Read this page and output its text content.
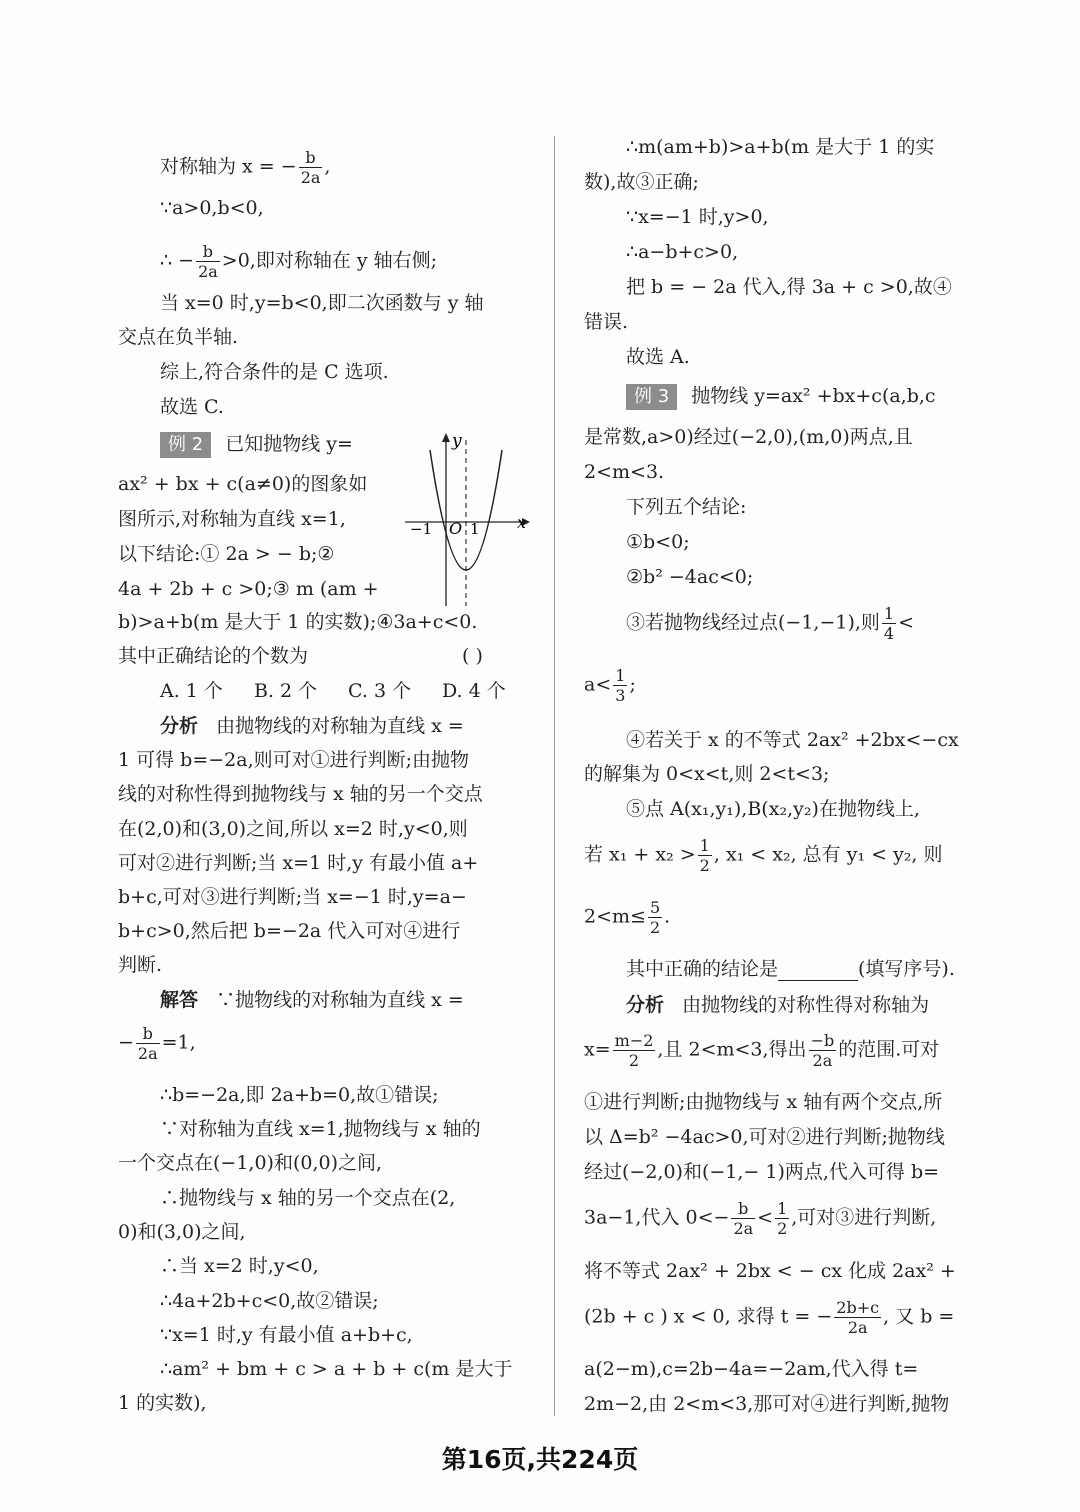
对称轴为 x = − $\frac{b}{2a}$ ,
∵a>0,b<0,
∴ − $\frac{b}{2a} >0$,即对称轴在 y 轴右侧;
当 x=0 时,y=b<0,即二次函数与 y 轴
交点在负半轴.
综上,符合条件的是 C 选项.
故选 C.
例 2 已知抛物线 y=
ax² + bx + c(a≠0)的图象如
图所示,对称轴为直线 x=1,
以下结论:① 2a > − b;②
4a + 2b + c >0;③ m (am +
b)>a+b(m 是大于 1 的实数);④3a+c<0.
其中正确结论的个数为	( )
A. 1 个 B. 2 个 C. 3 个 D. 4 个
分析 由抛物线的对称轴为直线 x =
1 可得 b=−2a,则可对①进行判断;由抛物
线的对称性得到抛物线与 x 轴的另一个交点
在(2,0)和(3,0)之间,所以 x=2 时,y<0,则
可对②进行判断;当 x=1 时,y 有最小值 a+
b+c,可对③进行判断;当 x=−1 时,y=a−
b+c>0,然后把 b=−2a 代入可对④进行
判断.
解答 ∵抛物线的对称轴为直线 x =
− $\frac{b}{2a} =1$,
∴b=−2a,即 2a+b=0,故①错误;
∵对称轴为直线 x=1,抛物线与 x 轴的
一个交点在(−1,0)和(0,0)之间,
∴抛物线与 x 轴的另一个交点在(2,
0)和(3,0)之间,
∴当 x=2 时,y<0,
∴4a+2b+c<0,故②错误;
∵x=1 时,y 有最小值 a+b+c,
∴am² + bm + c > a + b + c(m 是大于
1 的实数),
y
x
O
−1	1
∴m(am+b)>a+b(m 是大于 1 的实
数),故③正确;
∵x=−1 时,y>0,
∴a−b+c>0,
把 b = − 2a 代入,得 3a + c >0,故④
错误.
故选 A.
例 3 抛物线 y=ax² +bx+c(a,b,c
是常数,a>0)经过(−2,0),(m,0)两点,且
2<m<3.
下列五个结论:
①b<0;
②b² −4ac<0;
③若抛物线经过点(−1,−1),则 $\frac{1}{4}$ <
$a< \frac{1}{3}$ ;
④若关于 x 的不等式 2ax² +2bx<−cx
的解集为 0<x<t,则 2<t<3;
⑤点 A(x₁,y₁),B(x₂,y₂)在抛物线上,
若 $x_1 + x_2 > \frac{1}{2}$ , x₁ < x₂, 总有 y₁ < y₂, 则
$2<m\le \frac{5}{2}$ .
其中正确的结论是	(填写序号).
分析 由抛物线的对称性得对称轴为
$x= \frac{m-2}{2}$ ,且 2<m<3,得出 $\frac{-b}{2a}$ 的范围.可对
①进行判断;由抛物线与 x 轴有两个交点,所
以 Δ=b² −4ac>0,可对②进行判断;抛物线
经过(−2,0)和(−1,− 1)两点,代入可得 b=
3a−1,代入 $0<- \frac{b}{2a} < \frac{1}{2}$ ,可对③进行判断,
将不等式 2ax² + 2bx < − cx 化成 2ax² +
(2b + c ) x < 0, 求得 t = − $\frac{2b+c}{2a}$ , 又 b =
a(2−m),c=2b−4a=−2am,代入得 t=
2m−2,由 2<m<3,那可对④进行判断,抛物
第16页,共224页
